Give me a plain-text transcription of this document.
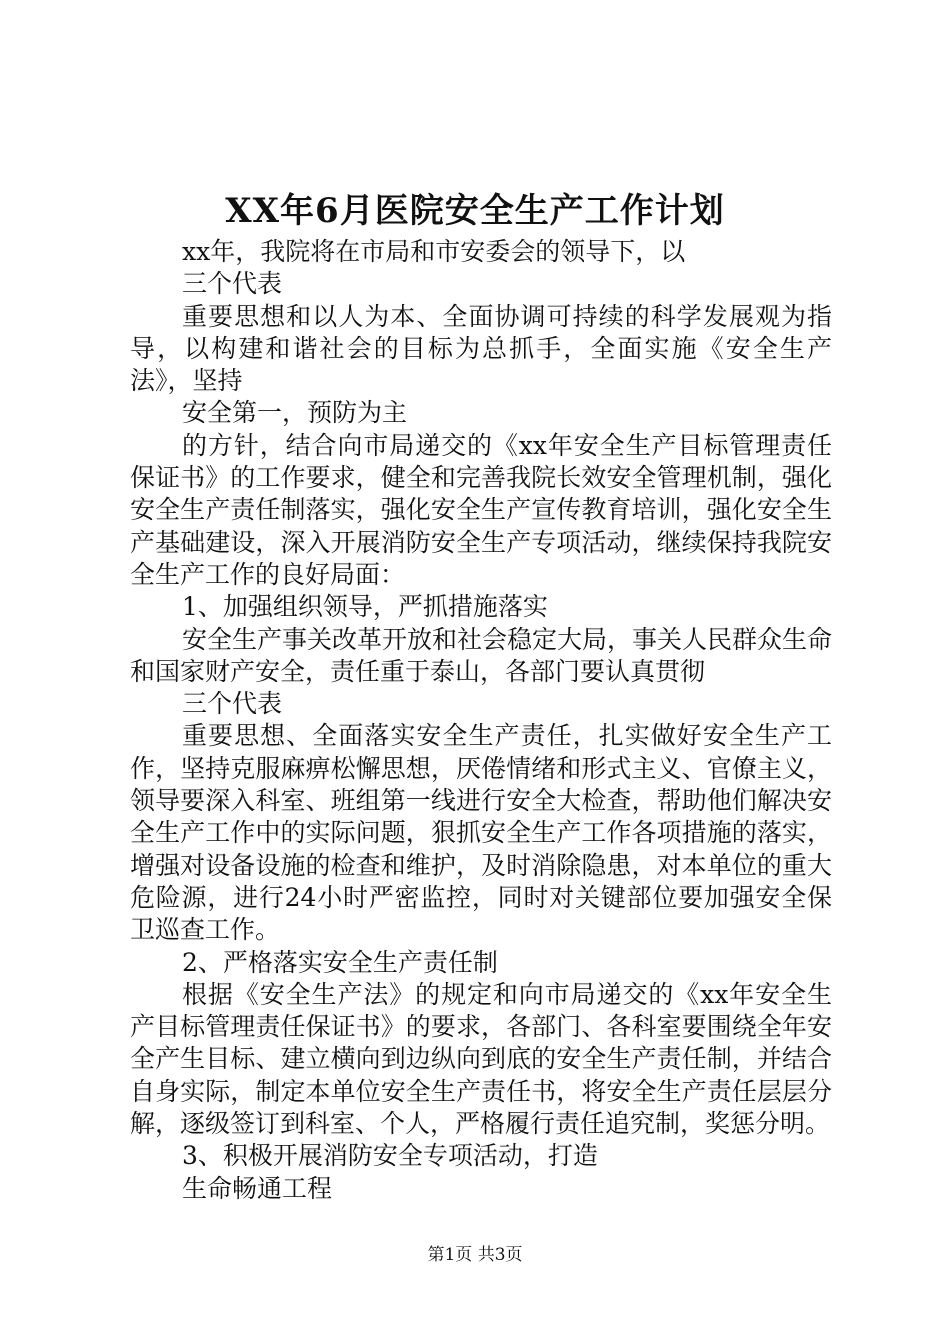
XX年6月医院安全生产工作计划

xx年，我院将在市局和市安委会的领导下，以

三个代表

重要思想和以人为本、全面协调可持续的科学发展观为指导，以构建和谐社会的目标为总抓手，全面实施《安全生产法》，坚持

安全第一，预防为主

的方针，结合向市局递交的《xx年安全生产目标管理责任保证书》的工作要求，健全和完善我院长效安全管理机制，强化安全生产责任制落实，强化安全生产宣传教育培训，强化安全生产基础建设，深入开展消防安全生产专项活动，继续保持我院安全生产工作的良好局面：

1、加强组织领导，严抓措施落实

安全生产事关改革开放和社会稳定大局，事关人民群众生命和国家财产安全，责任重于泰山，各部门要认真贯彻

三个代表

重要思想、全面落实安全生产责任，扎实做好安全生产工作，坚持克服麻痹松懈思想，厌倦情绪和形式主义、官僚主义，领导要深入科室、班组第一线进行安全大检查，帮助他们解决安全生产工作中的实际问题，狠抓安全生产工作各项措施的落实，增强对设备设施的检查和维护，及时消除隐患，对本单位的重大危险源，进行24小时严密监控，同时对关键部位要加强安全保卫巡查工作。

2、严格落实安全生产责任制

根据《安全生产法》的规定和向市局递交的《xx年安全生产目标管理责任保证书》的要求，各部门、各科室要围绕全年安全产生目标、建立横向到边纵向到底的安全生产责任制，并结合自身实际，制定本单位安全生产责任书，将安全生产责任层层分解，逐级签订到科室、个人，严格履行责任追究制，奖惩分明。

3、积极开展消防安全专项活动，打造

生命畅通工程

第1页 共3页
